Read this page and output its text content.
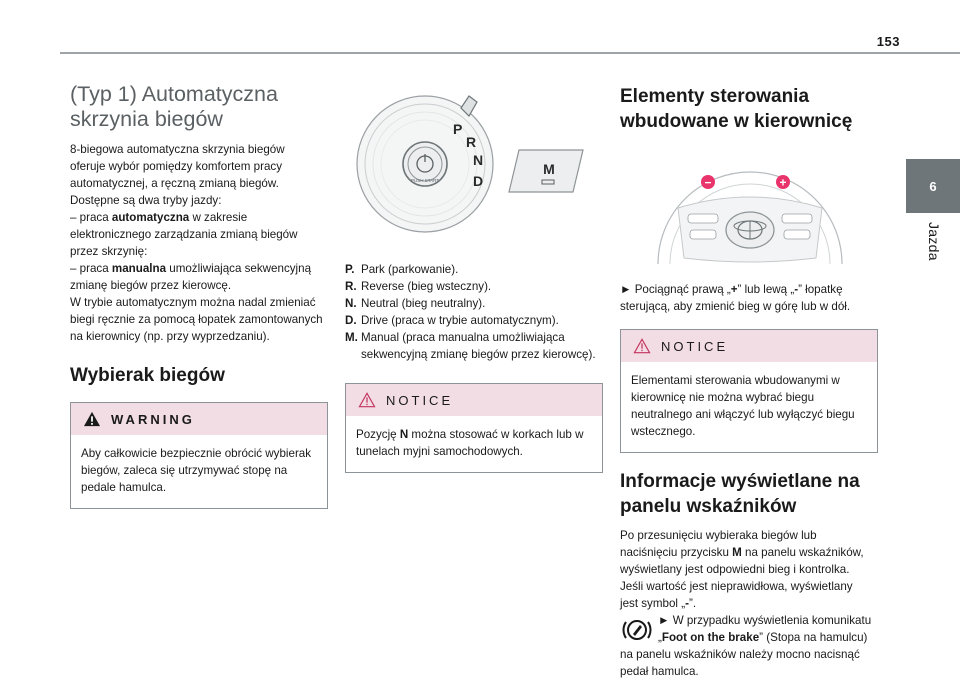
153
6
Jazda
(Typ 1) Automatyczna
skrzynia biegów

8-biegowa automatyczna skrzynia biegów
oferuje wybór pomiędzy komfortem pracy
automatycznej, a ręczną zmianą biegów.
Dostępne są dwa tryby jazdy:
– praca automatyczna w zakresie
elektronicznego zarządzania zmianą biegów
przez skrzynię:
– praca manualna umożliwiająca sekwencyjną
zmianę biegów przez kierowcę.
W trybie automatycznym można nadal zmieniać
biegi ręcznie za pomocą łopatek zamontowanych
na kierownicy (np. przy wyprzedzaniu).

Wybierak biegów
WARNING
Aby całkowicie bezpiecznie obrócić wybierak
biegów, zaleca się utrzymywać stopę na
pedale hamulca.
P
R
N
D
PUSH START
M
P. Park (parkowanie).
R. Reverse (bieg wsteczny).
N. Neutral (bieg neutralny).
D. Drive (praca w trybie automatycznym).
M. Manual (praca manualna umożliwiająca
sekwencyjną zmianę biegów przez kierowcę).
NOTICE
Pozycję N można stosować w korkach lub w
tunelach myjni samochodowych.
Elementy sterowania
wbudowane w kierownicę
−	+

► Pociągnąć prawą „+” lub lewą „-” łopatkę
sterującą, aby zmienić bieg w górę lub w dół.

NOTICE
Elementami sterowania wbudowanymi w
kierownicę nie można wybrać biegu
neutralnego ani włączyć lub wyłączyć biegu
wstecznego.
Informacje wyświetlane na
panelu wskaźników

Po przesunięciu wybieraka biegów lub
naciśnięciu przycisku M na panelu wskaźników,
wyświetlany jest odpowiedni bieg i kontrolka.
Jeśli wartość jest nieprawidłowa, wyświetlany
jest symbol „-”.

► W przypadku wyświetlenia komunikatu
„Foot on the brake” (Stopa na hamulcu)

na panelu wskaźników należy mocno nacisnąć
pedał hamulca.
